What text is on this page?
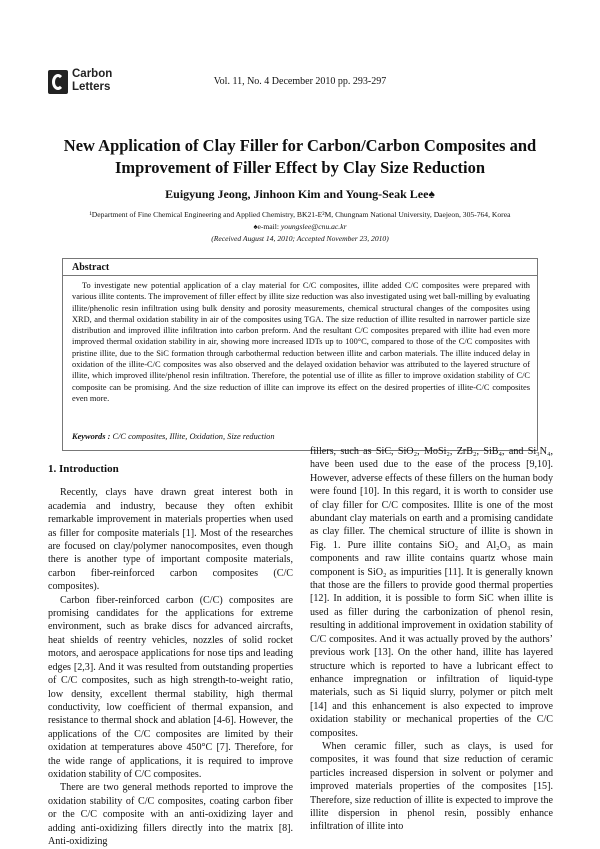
Carbon
Letters	Vol. 11, No. 4 December 2010 pp. 293-297
New Application of Clay Filler for Carbon/Carbon Composites and Improvement of Filler Effect by Clay Size Reduction
Euigyung Jeong, Jinhoon Kim and Young-Seak Lee♠
¹Department of Fine Chemical Engineering and Applied Chemistry, BK21-E²M, Chungnam National University, Daejeon, 305-764, Korea
♠e-mail: youngslee@cnu.ac.kr
(Received August 14, 2010; Accepted November 23, 2010)
Abstract
To investigate new potential application of a clay material for C/C composites, illite added C/C composites were prepared with various illite contents. The improvement of filler effect by illite size reduction was also investigated using wet ball-milling by evaluating illite/phenolic resin infiltration using bulk density and porosity measurements, chemical structural changes of the composites using XRD, and thermal oxidation stability in air of the composites using TGA. The size reduction of illite resulted in narrower particle size distribution and improved illite infiltration into carbon preform. And the resultant C/C composites prepared with illite had even more improved thermal oxidation stability in air, showing more increased IDTs up to 100°C, compared to those of the C/C composites with pristine illite, due to the SiC formation through carbothermal reduction between illite and carbon materials. The illite induced delay in oxidation of the illite-C/C composites was also observed and the delayed oxidation behavior was attributed to the layered structure of illite, which improved illite/phenol resin infiltration. Therefore, the potential use of illite as filler to improve oxidation stability of C/C composite can be promising. And the size reduction of illite can improve its effect on the desired properties of illite-C/C composites even more.
Keywords : C/C composites, Illite, Oxidation, Size reduction
1. Introduction

Recently, clays have drawn great interest both in academia and industry, because they often exhibit remarkable improvement in materials properties when used as filler for composite materials [1]. Most of the researches are focused on clay/polymer nanocomposites, even though there is another type of important composite materials, carbon fiber-reinforced carbon composites (C/C composites).

Carbon fiber-reinforced carbon (C/C) composites are promising candidates for the applications for extreme environment, such as brake discs for advanced aircrafts, heat shields of reentry vehicles, nozzles of solid rocket motors, and aerospace applications for nose tips and leading edges [2,3]. And it was resulted from outstanding properties of C/C composites, such as high strength-to-weight ratio, low density, excellent thermal stability, high thermal conductivity, low coefficient of thermal expansion, and resistance to thermal shock and ablation [4-6]. However, the applications of the C/C composites are limited by their oxidation at temperatures above 450°C [7]. Therefore, for the wide range of applications, it is required to improve oxidation stability of C/C composites.

There are two general methods reported to improve the oxidation stability of C/C composites, coating carbon fiber or the C/C composite with an anti-oxidizing layer and adding anti-oxidizing fillers directly into the matrix [8]. Anti-oxidizing

fillers, such as SiC, SiO₂, MoSi₂, ZrB₂, SiB₄, and Si₃N₄, have been used due to the ease of the process [9,10]. However, adverse effects of these fillers on the human body were found [10]. In this regard, it is worth to consider use of clay filler for C/C composites. Illite is one of the most abundant clay materials on earth and a promising candidate as clay filler. The chemical structure of illite is shown in Fig. 1. Pure illite contains SiO₂ and Al₂O₃ as main components and raw illite contains quartz whose main component is SiO₂ as impurities [11]. It is generally known that those are the fillers to provide good thermal properties [12]. In addition, it is possible to form SiC when illite is used as filler during the carbonization of phenol resin, resulting in additional improvement in oxidation stability of C/C composites. And it was actually proved by the authors’ previous work [13]. On the other hand, illite has layered structure which is reported to have a lubricant effect to enhance impregnation or infiltration of liquid-type materials, such as Si liquid slurry, polymer or pitch melt [14] and this enhancement is also expected to improve oxidation stability or mechanical properties of the C/C composites.

When ceramic filler, such as clays, is used for composites, it was found that size reduction of ceramic particles increased dispersion in solvent or polymer and improved materials properties of the composites [15]. Therefore, size reduction of illite is expected to improve the illite dispersion in phenol resin, possibly enhance infiltration of illite into
